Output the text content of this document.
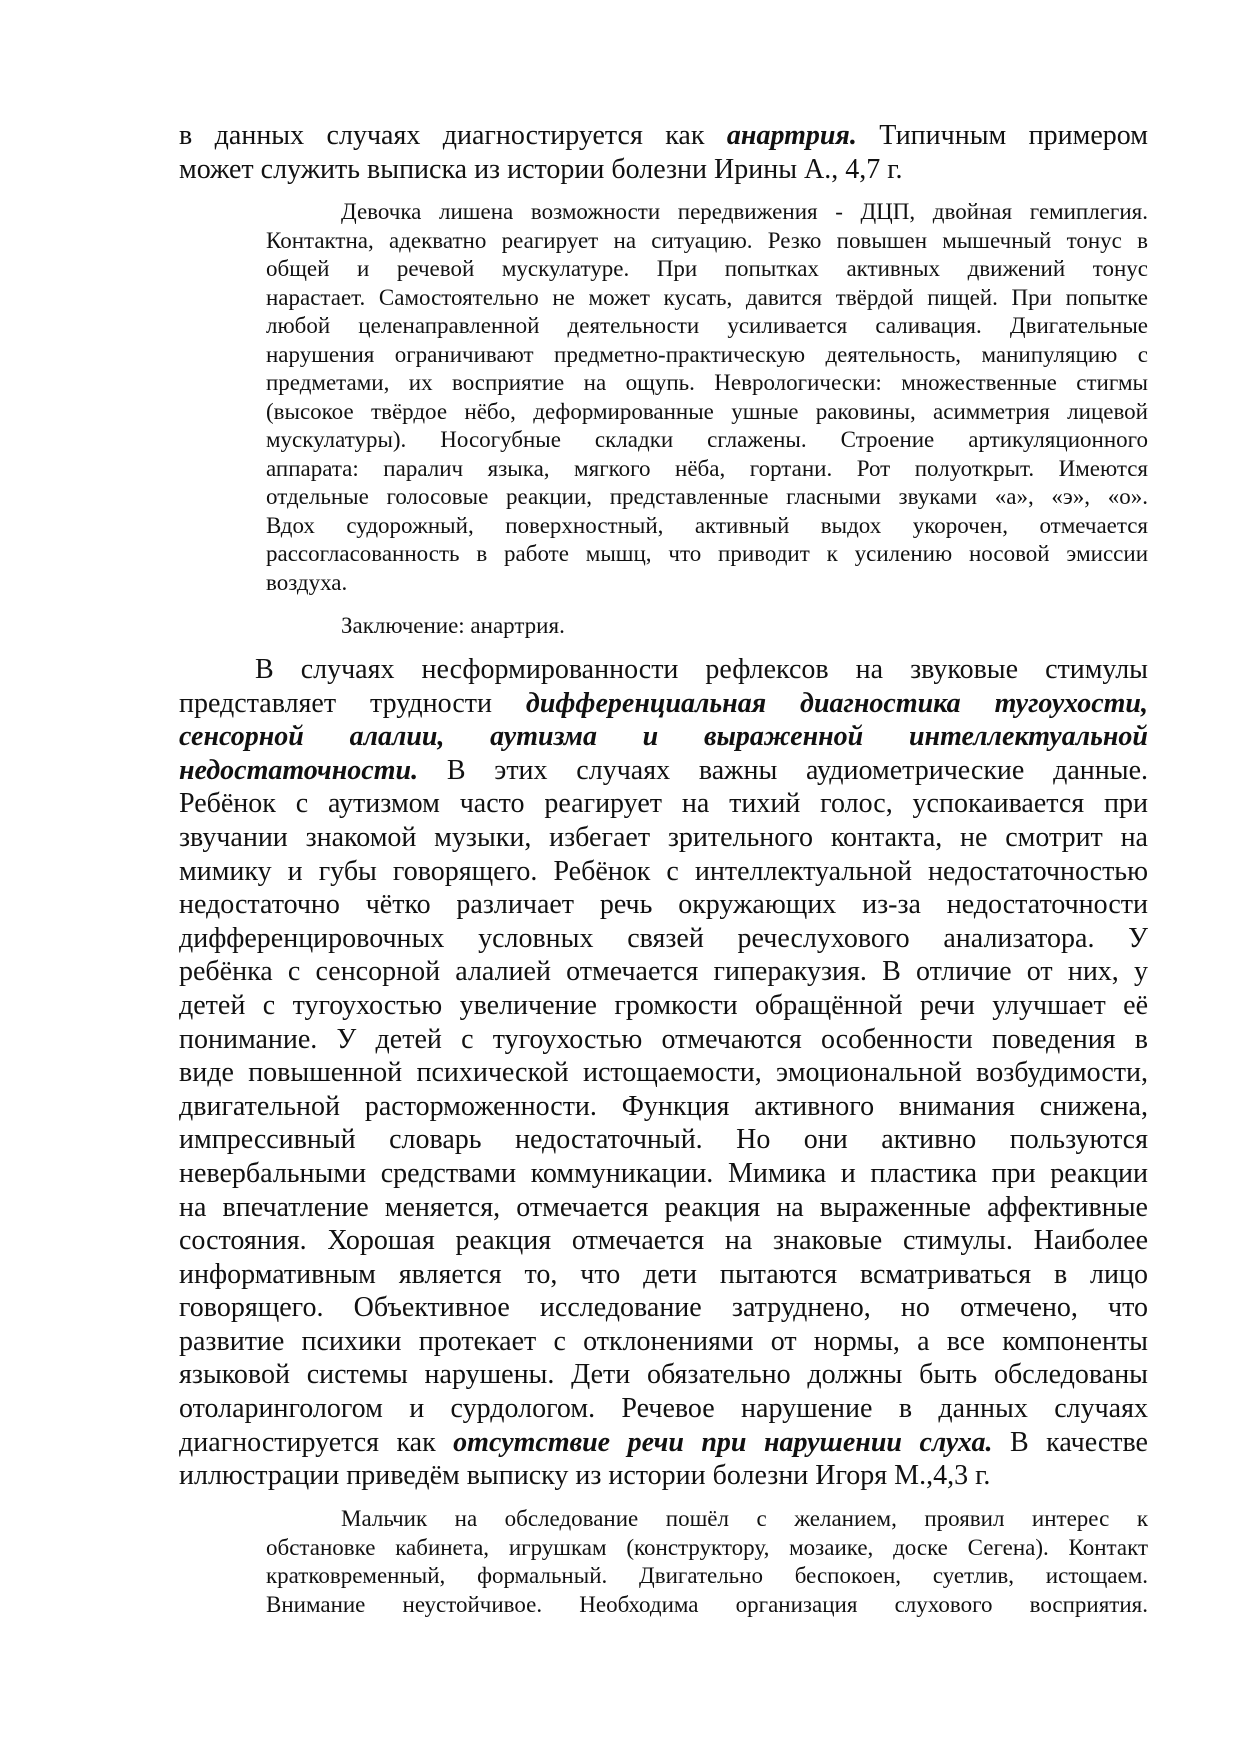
в данных случаях диагностируется как анартрия. Типичным примером
может служить выписка из истории болезни Ирины А., 4,7 г.
Девочка лишена возможности передвижения - ДЦП, двойная гемиплегия.
Контактна, адекватно реагирует на ситуацию. Резко повышен мышечный тонус в
общей и речевой мускулатуре. При попытках активных движений тонус
нарастает. Самостоятельно не может кусать, давится твёрдой пищей. При попытке
любой целенаправленной деятельности усиливается саливация. Двигательные
нарушения ограничивают предметно-практическую деятельность, манипуляцию с
предметами, их восприятие на ощупь. Неврологически: множественные стигмы
(высокое твёрдое нёбо, деформированные ушные раковины, асимметрия лицевой
мускулатуры). Носогубные складки сглажены. Строение артикуляционного
аппарата: паралич языка, мягкого нёба, гортани. Рот полуоткрыт. Имеются
отдельные голосовые реакции, представленные гласными звуками «а», «э», «о».
Вдох судорожный, поверхностный, активный выдох укорочен, отмечается
рассогласованность в работе мышц, что приводит к усилению носовой эмиссии
воздуха.
Заключение: анартрия.
В случаях несформированности рефлексов на звуковые стимулы
представляет трудности дифференциальная диагностика тугоухости,
сенсорной алалии, аутизма и выраженной интеллектуальной
недостаточности. В этих случаях важны аудиометрические данные.
Ребёнок с аутизмом часто реагирует на тихий голос, успокаивается при
звучании знакомой музыки, избегает зрительного контакта, не смотрит на
мимику и губы говорящего. Ребёнок с интеллектуальной недостаточностью
недостаточно чётко различает речь окружающих из-за недостаточности
дифференцировочных условных связей речеслухового анализатора. У
ребёнка с сенсорной алалией отмечается гиперакузия. В отличие от них, у
детей с тугоухостью увеличение громкости обращённой речи улучшает её
понимание. У детей с тугоухостью отмечаются особенности поведения в
виде повышенной психической истощаемости, эмоциональной возбудимости,
двигательной расторможенности. Функция активного внимания снижена,
импрессивный словарь недостаточный. Но они активно пользуются
невербальными средствами коммуникации. Мимика и пластика при реакции
на впечатление меняется, отмечается реакция на выраженные аффективные
состояния. Хорошая реакция отмечается на знаковые стимулы. Наиболее
информативным является то, что дети пытаются всматриваться в лицо
говорящего. Объективное исследование затруднено, но отмечено, что
развитие психики протекает с отклонениями от нормы, а все компоненты
языковой системы нарушены. Дети обязательно должны быть обследованы
отоларингологом и сурдологом. Речевое нарушение в данных случаях
диагностируется как отсутствие речи при нарушении слуха. В качестве
иллюстрации приведём выписку из истории болезни Игоря М.,4,3 г.
Мальчик на обследование пошёл с желанием, проявил интерес к
обстановке кабинета, игрушкам (конструктору, мозаике, доске Сегена). Контакт
кратковременный, формальный. Двигательно беспокоен, суетлив, истощаем.
Внимание неустойчивое. Необходима организация слухового восприятия.
